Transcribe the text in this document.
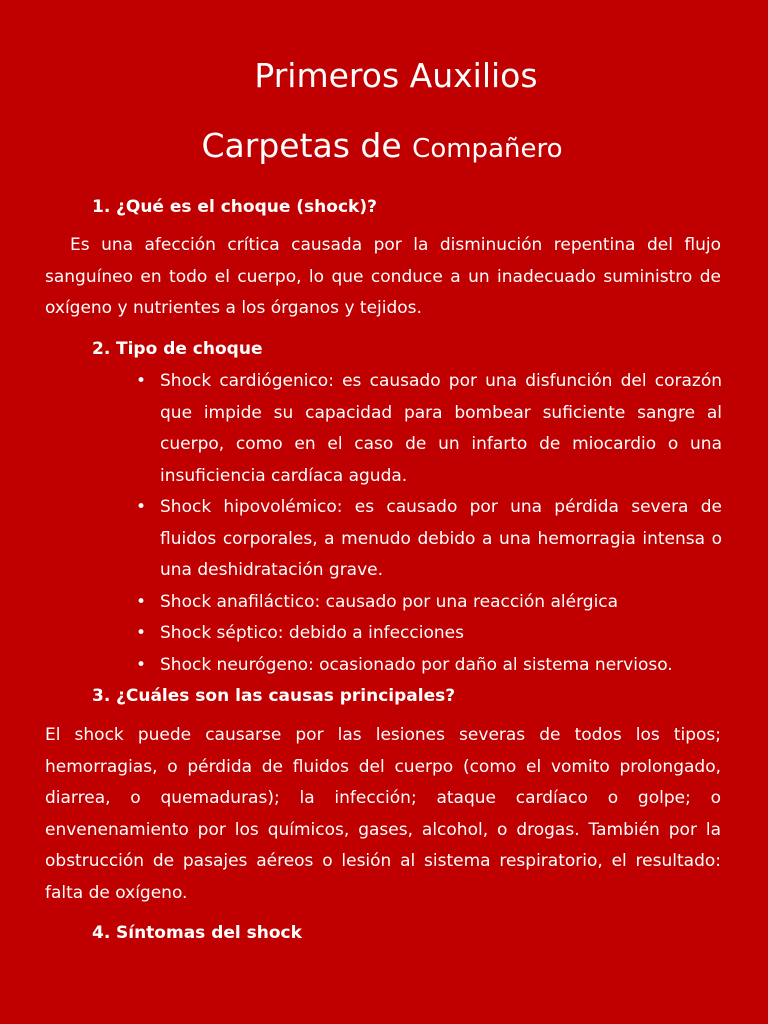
Primeros Auxilios
Carpetas de Compañero
1. ¿Qué es el choque (shock)?
Es una afección crítica causada por la disminución repentina del flujo sanguíneo en todo el cuerpo, lo que conduce a un inadecuado suministro de oxígeno y nutrientes a los órganos y tejidos.
2. Tipo de choque
• Shock cardiógenico: es causado por una disfunción del corazón que impide su capacidad para bombear suficiente sangre al cuerpo, como en el caso de un infarto de miocardio o una insuficiencia cardíaca aguda.
• Shock hipovolémico: es causado por una pérdida severa de fluidos corporales, a menudo debido a una hemorragia intensa o una deshidratación grave.
• Shock anafiláctico: causado por una reacción alérgica
• Shock séptico: debido a infecciones
• Shock neurógeno: ocasionado por daño al sistema nervioso.
3. ¿Cuáles son las causas principales?
El shock puede causarse por las lesiones severas de todos los tipos; hemorragias, o pérdida de fluidos del cuerpo (como el vomito prolongado, diarrea, o quemaduras); la infección; ataque cardíaco o golpe; o envenenamiento por los químicos, gases, alcohol, o drogas. También por la obstrucción de pasajes aéreos o lesión al sistema respiratorio, el resultado: falta de oxígeno.
4. Síntomas del shock
